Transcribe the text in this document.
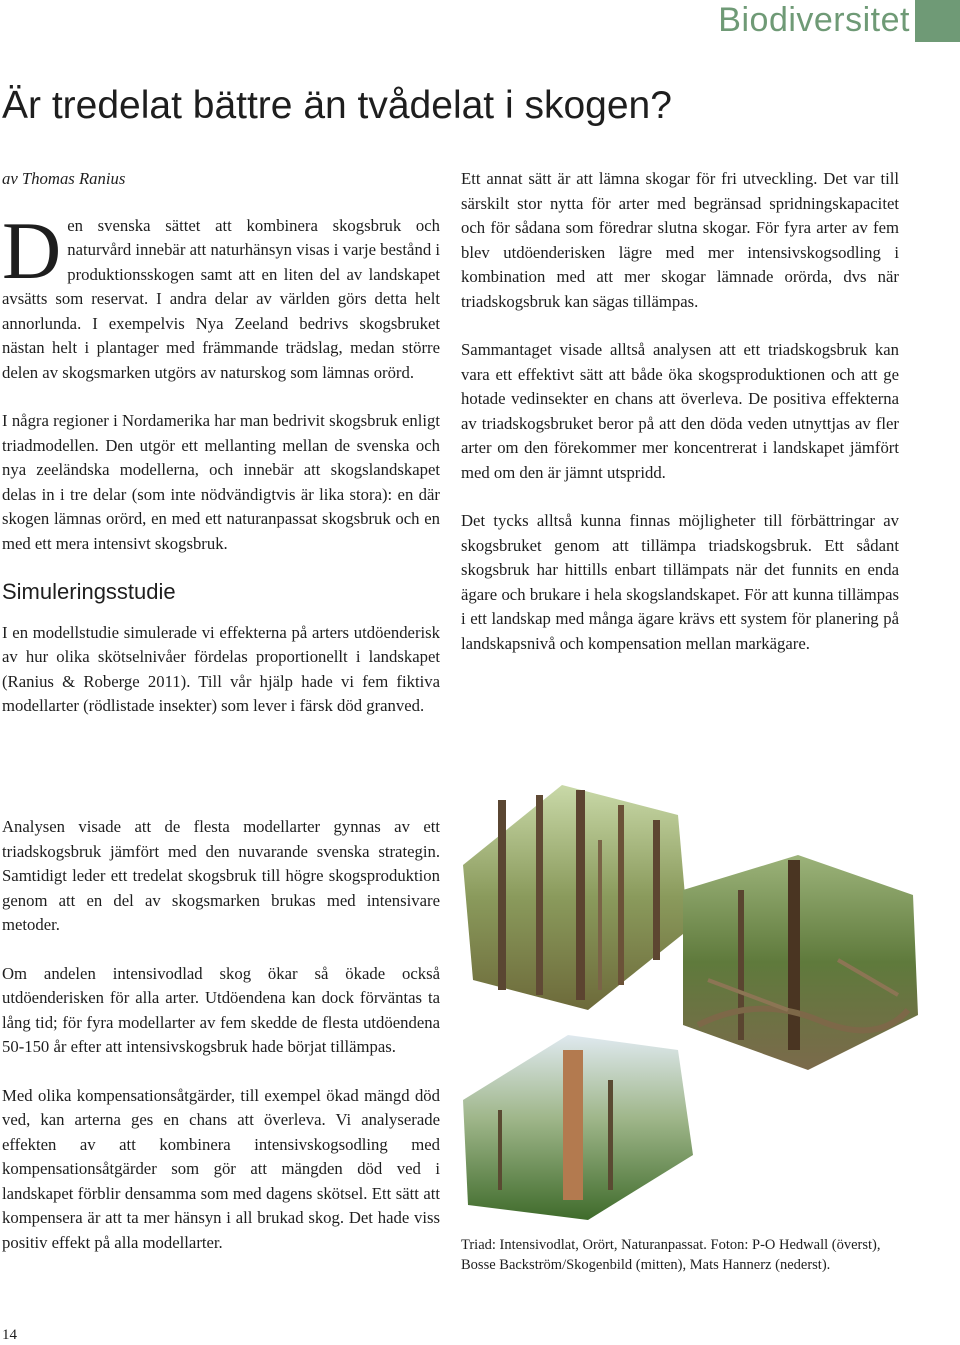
Biodiversitet
Är tredelat bättre än tvådelat i skogen?

av Thomas Ranius

Den svenska sättet att kombinera skogsbruk och naturvård innebär att naturhänsyn visas i varje bestånd i produktionsskogen samt att en liten del av landskapet avsätts som reservat. I andra delar av världen görs detta helt annorlunda. I exempelvis Nya Zeeland bedrivs skogsbruket nästan helt i plantager med främmande trädslag, medan större delen av skogsmarken utgörs av naturskog som lämnas orörd.

I några regioner i Nordamerika har man bedrivit skogsbruk enligt triadmodellen. Den utgör ett mellanting mellan de svenska och nya zeeländska modellerna, och innebär att skogslandskapet delas in i tre delar (som inte nödvändigtvis är lika stora): en där skogen lämnas orörd, en med ett naturanpassat skogsbruk och en med ett mera intensivt skogsbruk.

Simuleringsstudie

I en modellstudie simulerade vi effekterna på arters utdöenderisk av hur olika skötselnivåer fördelas proportionellt i landskapet (Ranius & Roberge 2011). Till vår hjälp hade vi fem fiktiva modellarter (rödlistade insekter) som lever i färsk död granved.

Analysen visade att de flesta modellarter gynnas av ett triadskogsbruk jämfört med den nuvarande svenska strategin. Samtidigt leder ett tredelat skogsbruk till högre skogsproduktion genom att en del av skogsmarken brukas med intensivare metoder.

Om andelen intensivodlad skog ökar så ökade också utdöenderisken för alla arter. Utdöendena kan dock förväntas ta lång tid; för fyra modellarter av fem skedde de flesta utdöendena 50-150 år efter att intensivskogsbruk hade börjat tillämpas.

Med olika kompensationsåtgärder, till exempel ökad mängd död ved, kan arterna ges en chans att överleva. Vi analyserade effekten av att kombinera intensivskogsodling med kompensationsåtgärder som gör att mängden död ved i landskapet förblir densamma som med dagens skötsel. Ett sätt att kompensera är att ta mer hänsyn i all brukad skog. Det hade viss positiv effekt på alla modellarter.

Ett annat sätt är att lämna skogar för fri utveckling. Det var till särskilt stor nytta för arter med begränsad spridningskapacitet och för sådana som föredrar slutna skogar. För fyra arter av fem blev utdöenderisken lägre med mer intensivskogsodling i kombination med att mer skogar lämnade orörda, dvs när triadskogsbruk kan sägas tillämpas.

Sammantaget visade alltså analysen att ett triadskogsbruk kan vara ett effektivt sätt att både öka skogsproduktionen och att ge hotade vedinsekter en chans att överleva. De positiva effekterna av triadskogsbruket beror på att den döda veden utnyttjas av fler arter om den förekommer mer koncentrerat i landskapet jämfört med om den är jämnt utspridd.

Det tycks alltså kunna finnas möjligheter till förbättringar av skogsbruket genom att tillämpa triadskogsbruk. Ett sådant skogsbruk har hittills enbart tillämpats när det funnits en enda ägare och brukare i hela skogslandskapet. För att kunna tillämpas i ett landskap med många ägare krävs ett system för planering på landskapsnivå och kompensation mellan markägare.

Triad: Intensivodlat, Orört, Naturanpassat. Foton: P-O Hedwall (överst), Bosse Backström/Skogenbild (mitten), Mats Hannerz (nederst).
14
